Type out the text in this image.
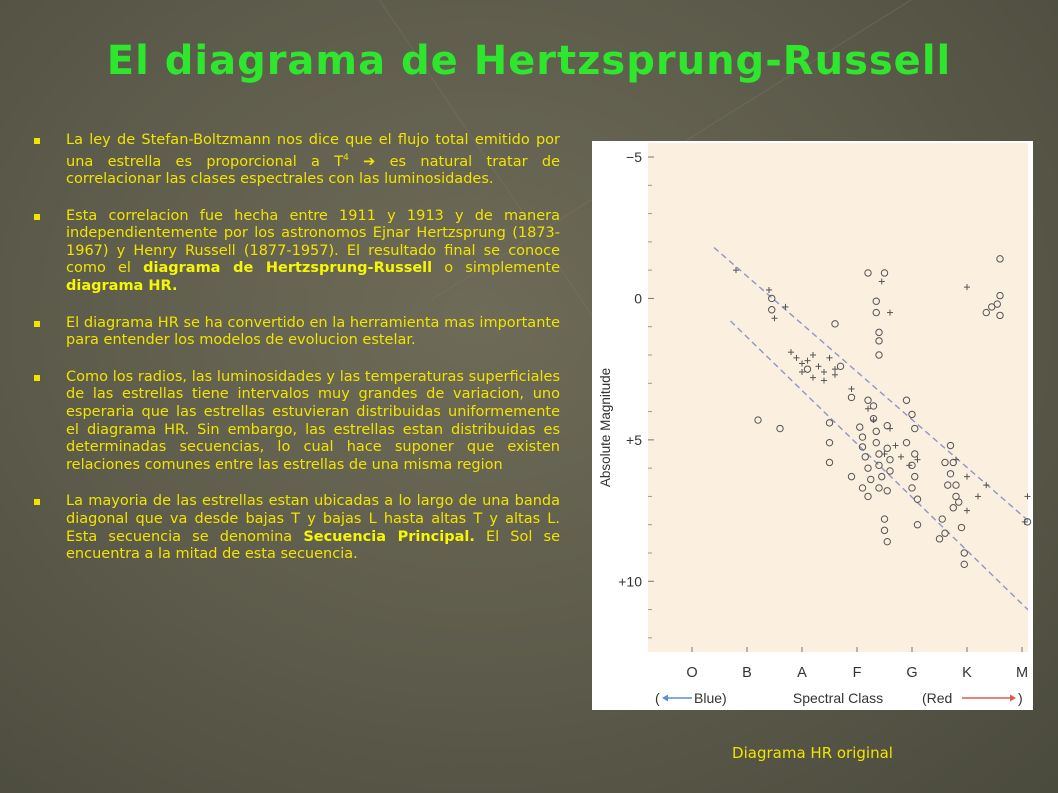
El diagrama de Hertzsprung-Russell
La ley de Stefan-Boltzmann nos dice que el flujo total emitido por una estrella es proporcional a $T^4$ ➔ es natural tratar de correlacionar las clases espectrales con las luminosidades.
Esta correlacion fue hecha entre 1911 y 1913 y de manera independientemente por los astronomos Ejnar Hertzsprung (1873-1967) y Henry Russell (1877-1957). El resultado final se conoce como el diagrama de Hertzsprung-Russell o simplemente diagrama HR.
El diagrama HR se ha convertido en la herramienta mas importante para entender los modelos de evolucion estelar.
Como los radios, las luminosidades y las temperaturas superficiales de las estrellas tiene intervalos muy grandes de variacion, uno esperaria que las estrellas estuvieran distribuidas uniformemente el diagrama HR. Sin embargo, las estrellas estan distribuidas es determinadas secuencias, lo cual hace suponer que existen relaciones comunes entre las estrellas de una misma region
La mayoria de las estrellas estan ubicadas a lo largo de una banda diagonal que va desde bajas T y bajas L hasta altas T y altas L. Esta secuencia se denomina Secuencia Principal. El Sol se encuentra a la mitad de esta secuencia.
−5
0
+5
+10
Absolute Magnitude
O	B	A	F	G	K	M
( Blue)	Spectral Class	(Red	)
Diagrama HR original
